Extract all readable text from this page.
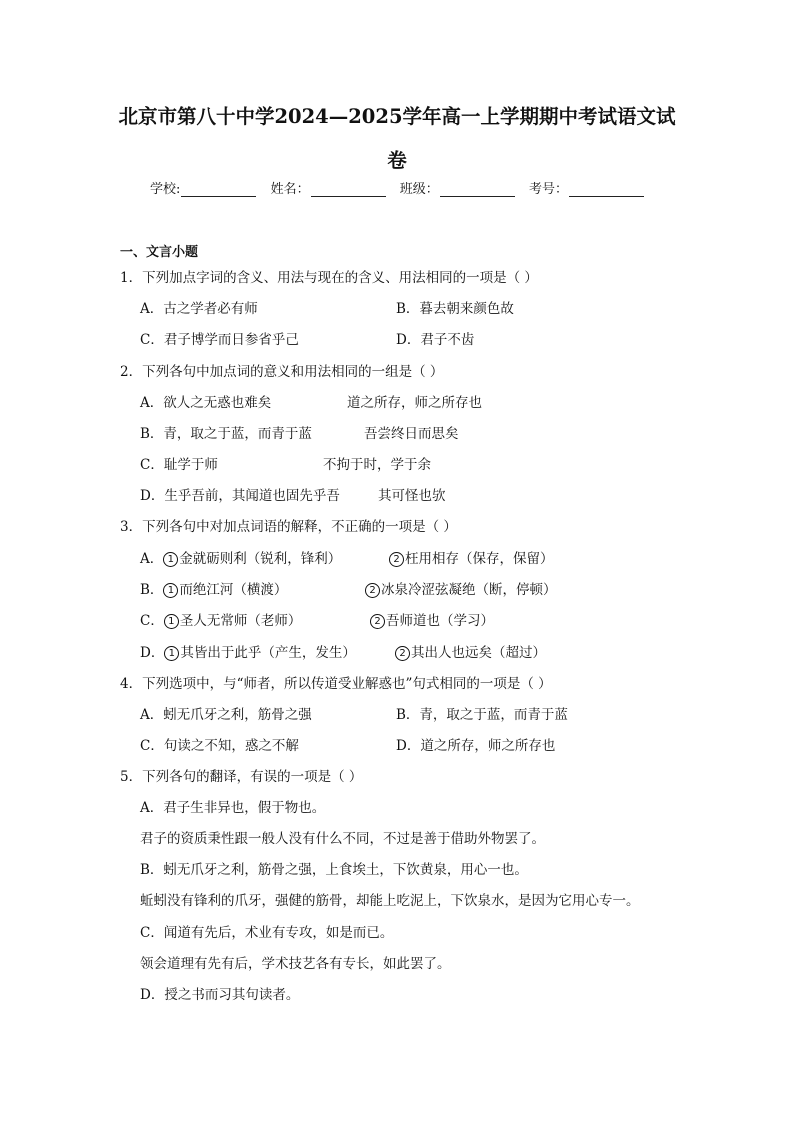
北京市第八十中学2024—2025学年高一上学期期中考试语文试
卷
学校:	姓名：	班级：	考号：
一、文言小题
1．下列加点字词的含义、用法与现在的含义、用法相同的一项是（ ）
A．古之学者必有师	B．暮去朝来颜色故
C．君子博学而日参省乎己	D．君子不齿
2．下列各句中加点词的意义和用法相同的一组是（ ）
A．欲人之无惑也难矣	道之所存，师之所存也
B．青，取之于蓝，而青于蓝	吾尝终日而思矣
C．耻学于师	不拘于时，学于余
D．生乎吾前，其闻道也固先乎吾	其可怪也欤
3．下列各句中对加点词语的解释，不正确的一项是（ ）
A． 1 金就砺则利（锐利，锋利）	2 枉用相存（保存，保留）
B． 1 而绝江河（横渡）	2 冰泉冷涩弦凝绝（断，停顿）
C． 1 圣人无常师（老师）	2 吾师道也（学习）
D． 1 其皆出于此乎（产生，发生）	2 其出人也远矣（超过）
4．下列选项中，与“师者，所以传道受业解惑也”句式相同的一项是（ ）
A．蚓无爪牙之利，筋骨之强	B．青，取之于蓝，而青于蓝
C．句读之不知，惑之不解	D．道之所存，师之所存也
5．下列各句的翻译，有误的一项是（ ）
A．君子生非异也，假于物也。
君子的资质秉性跟一般人没有什么不同，不过是善于借助外物罢了。
B．蚓无爪牙之利，筋骨之强，上食埃土，下饮黄泉，用心一也。
蚯蚓没有锋利的爪牙，强健的筋骨，却能上吃泥上，下饮泉水，是因为它用心专一。
C．闻道有先后，术业有专攻，如是而已。
领会道理有先有后，学术技艺各有专长，如此罢了。
D．授之书而习其句读者。
